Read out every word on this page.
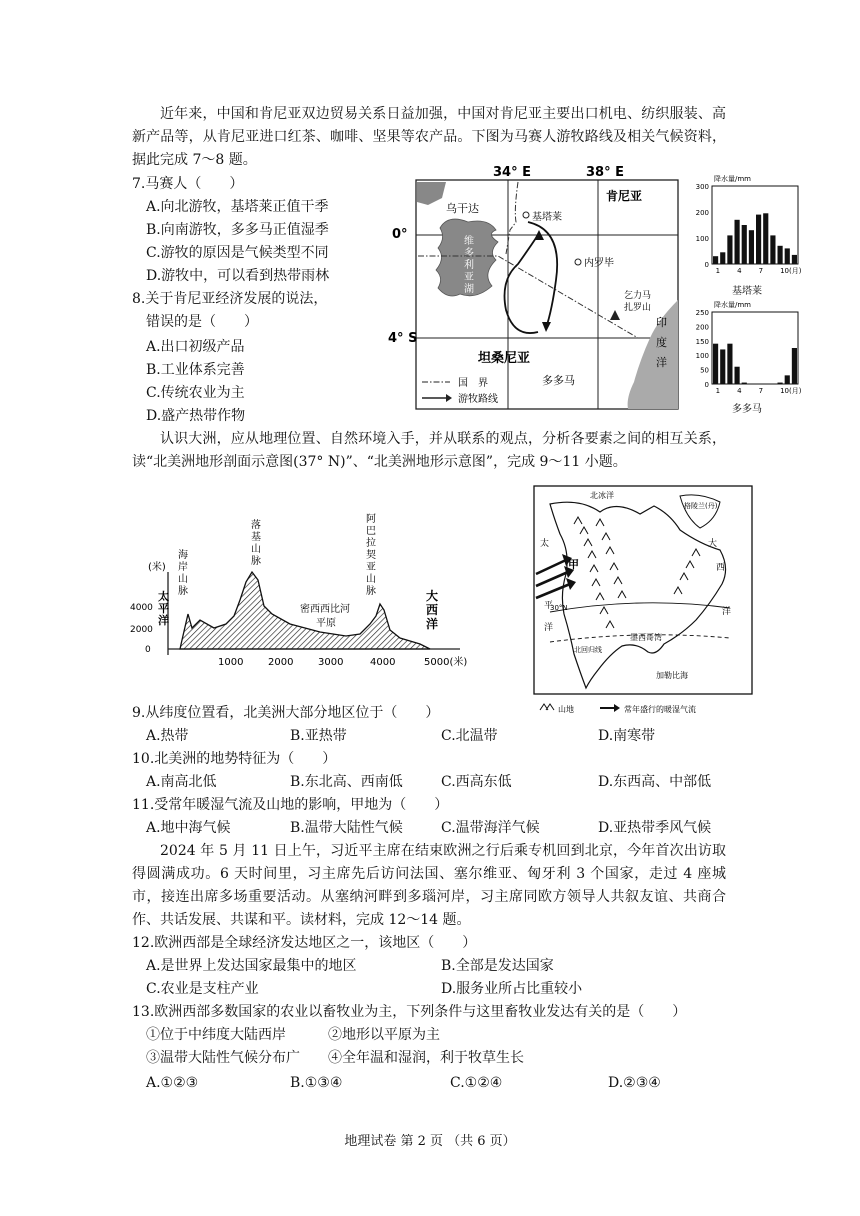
近年来，中国和肯尼亚双边贸易关系日益加强，中国对肯尼亚主要出口机电、纺织服装、高新产品等，从肯尼亚进口红茶、咖啡、坚果等农产品。下图为马赛人游牧路线及相关气候资料，据此完成 7～8 题。
7.马赛人（　　）
A.向北游牧，基塔莱正值干季
B.向南游牧，多多马正值湿季
C.游牧的原因是气候类型不同
D.游牧中，可以看到热带雨林
8.关于肯尼亚经济发展的说法，
错误的是（　　）
A.出口初级产品
B.工业体系完善
C.传统农业为主
D.盛产热带作物
34° E	38° E
0°
4° S
维
多
利
亚
湖
印
度
洋
乌干达
肯尼亚
坦桑尼亚
基塔莱
内罗毕
乞力马
扎罗山
多多马
国　界
游牧路线
降水量/mm
300
200
100
0
1 4 7 10(月)
基塔莱
降水量/mm
250
200
150
100
50
0
1 4 7 10(月)
多多马
认识大洲，应从地理位置、自然环境入手，并从联系的观点，分析各要素之间的相互关系，读“北美洲地形剖面示意图(37° N)”、“北美洲地形示意图”，完成 9～11 小题。
(米)
4000
2000
0
太
平
洋
海
岸
山
脉
落
基
山
脉
密西西比河
平原
阿
巴
拉
契
亚
山
脉	大
西
洋
1000 2000 3000	4000	5000(米)
30°N
北回归线
甲
北冰洋
格陵兰(丹)
太
平
洋
大
西
洋
墨西哥湾
加勒比海
山地	常年盛行的暖湿气流
9.从纬度位置看，北美洲大部分地区位于（　　）
A.热带	B.亚热带	C.北温带	D.南寒带
10.北美洲的地势特征为（　　）
A.南高北低	B.东北高、西南低	C.西高东低	D.东西高、中部低
11.受常年暖湿气流及山地的影响，甲地为（　　）
A.地中海气候	B.温带大陆性气候	C.温带海洋气候	D.亚热带季风气候
2024 年 5 月 11 日上午，习近平主席在结束欧洲之行后乘专机回到北京，今年首次出访取得圆满成功。6 天时间里，习主席先后访问法国、塞尔维亚、匈牙利 3 个国家，走过 4 座城市，接连出席多场重要活动。从塞纳河畔到多瑙河岸，习主席同欧方领导人共叙友谊、共商合作、共话发展、共谋和平。读材料，完成 12～14 题。
12.欧洲西部是全球经济发达地区之一，该地区（　　）
A.是世界上发达国家最集中的地区	B.全部是发达国家
C.农业是支柱产业	D.服务业所占比重较小
13.欧洲西部多数国家的农业以畜牧业为主，下列条件与这里畜牧业发达有关的是（　　）
①位于中纬度大陆西岸	②地形以平原为主
③温带大陆性气候分布广 ④全年温和湿润，利于牧草生长
A.①②③	B.①③④	C.①②④	D.②③④
地理试卷 第 2 页 （共 6 页）
